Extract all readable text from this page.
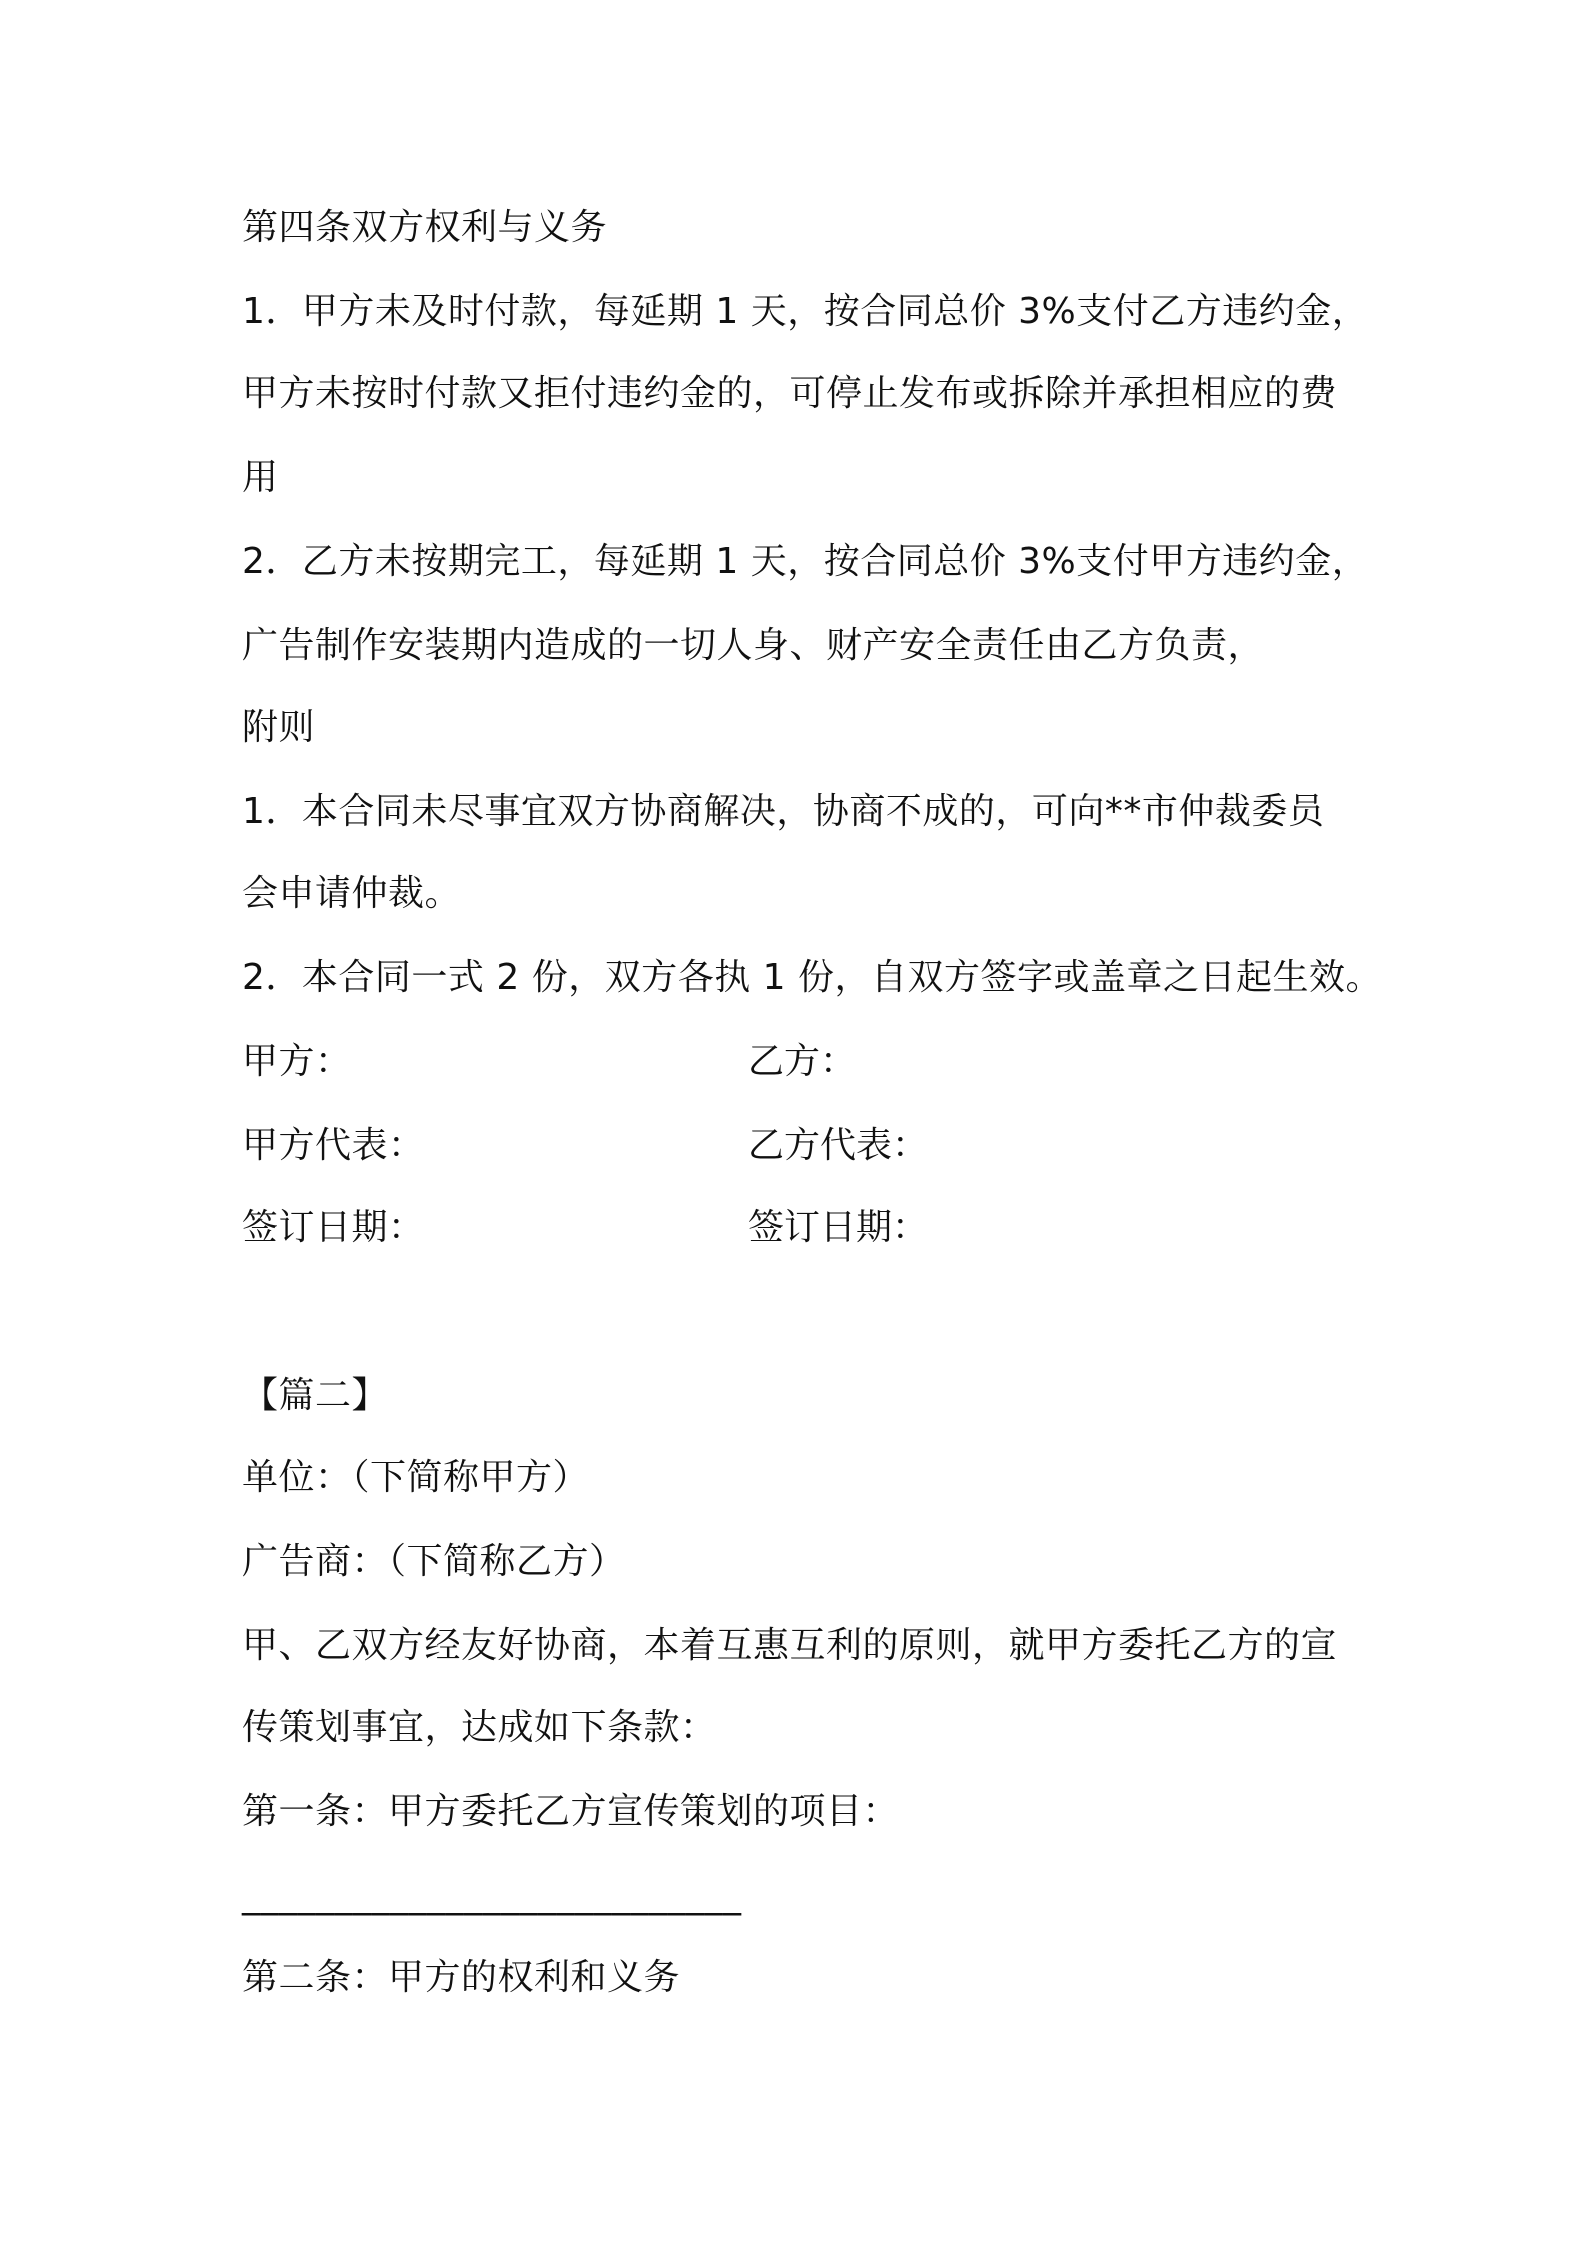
第四条双方权利与义务
1．甲方未及时付款，每延期 1 天，按合同总价 3%支付乙方违约金，
甲方未按时付款又拒付违约金的，可停止发布或拆除并承担相应的费
用
2．乙方未按期完工，每延期 1 天，按合同总价 3%支付甲方违约金，
广告制作安装期内造成的一切人身、财产安全责任由乙方负责，
附则
1．本合同未尽事宜双方协商解决，协商不成的，可向**市仲裁委员
会申请仲裁。
2．本合同一式 2 份，双方各执 1 份，自双方签字或盖章之日起生效。
甲方：	乙方：
甲方代表：	乙方代表：
签订日期：	签订日期：
【篇二】
单位：（下简称甲方）
广告商：（下简称乙方）
甲、乙双方经友好协商，本着互惠互利的原则，就甲方委托乙方的宣
传策划事宜，达成如下条款：
第一条：甲方委托乙方宣传策划的项目：
___________________________
第二条：甲方的权利和义务
